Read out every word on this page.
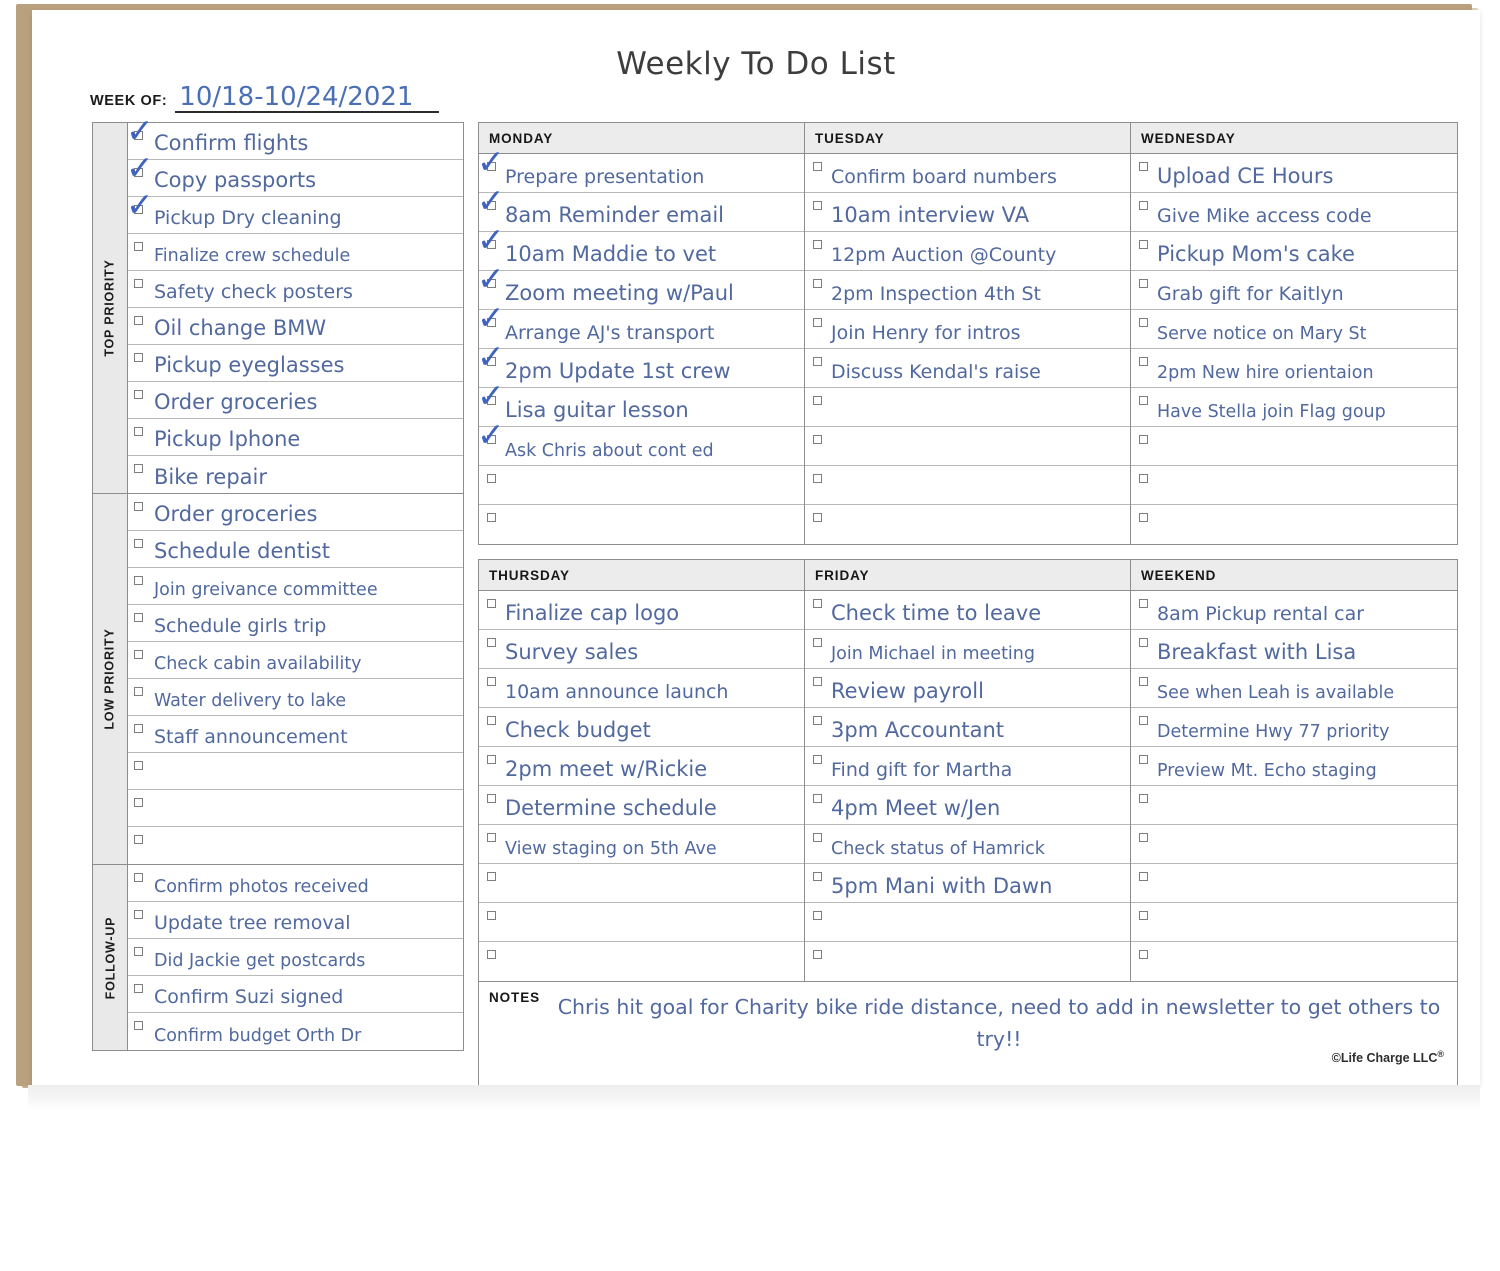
Weekly To Do List
WEEK OF: 10/18-10/24/2021
TOP PRIORITY
✓ Confirm flights
✓ Copy passports
✓ Pickup Dry cleaning
Finalize crew schedule
Safety check posters
Oil change BMW
Pickup eyeglasses
Order groceries
Pickup Iphone
Bike repair
LOW PRIORITY
Order groceries
Schedule dentist
Join greivance committee
Schedule girls trip
Check cabin availability
Water delivery to lake
Staff announcement
FOLLOW-UP
Confirm photos received
Update tree removal
Did Jackie get postcards
Confirm Suzi signed
Confirm budget Orth Dr
MONDAY
✓ Prepare presentation
✓ 8am Reminder email
✓ 10am Maddie to vet
✓ Zoom meeting w/Paul
✓ Arrange AJ's transport
✓ 2pm Update 1st crew
✓ Lisa guitar lesson
✓ Ask Chris about cont ed
TUESDAY
Confirm board numbers
10am interview VA
12pm Auction @County
2pm Inspection 4th St
Join Henry for intros
Discuss Kendal's raise
WEDNESDAY
Upload CE Hours
Give Mike access code
Pickup Mom's cake
Grab gift for Kaitlyn
Serve notice on Mary St
2pm New hire orientaion
Have Stella join Flag goup
THURSDAY
Finalize cap logo
Survey sales
10am announce launch
Check budget
2pm meet w/Rickie
Determine schedule
View staging on 5th Ave
FRIDAY
Check time to leave
Join Michael in meeting
Review payroll
3pm Accountant
Find gift for Martha
4pm Meet w/Jen
Check status of Hamrick
5pm Mani with Dawn
WEEKEND
8am Pickup rental car
Breakfast with Lisa
See when Leah is available
Determine Hwy 77 priority
Preview Mt. Echo staging
NOTES Chris hit goal for Charity bike ride distance, need to add in newsletter to get others to try!!
©Life Charge LLC®
